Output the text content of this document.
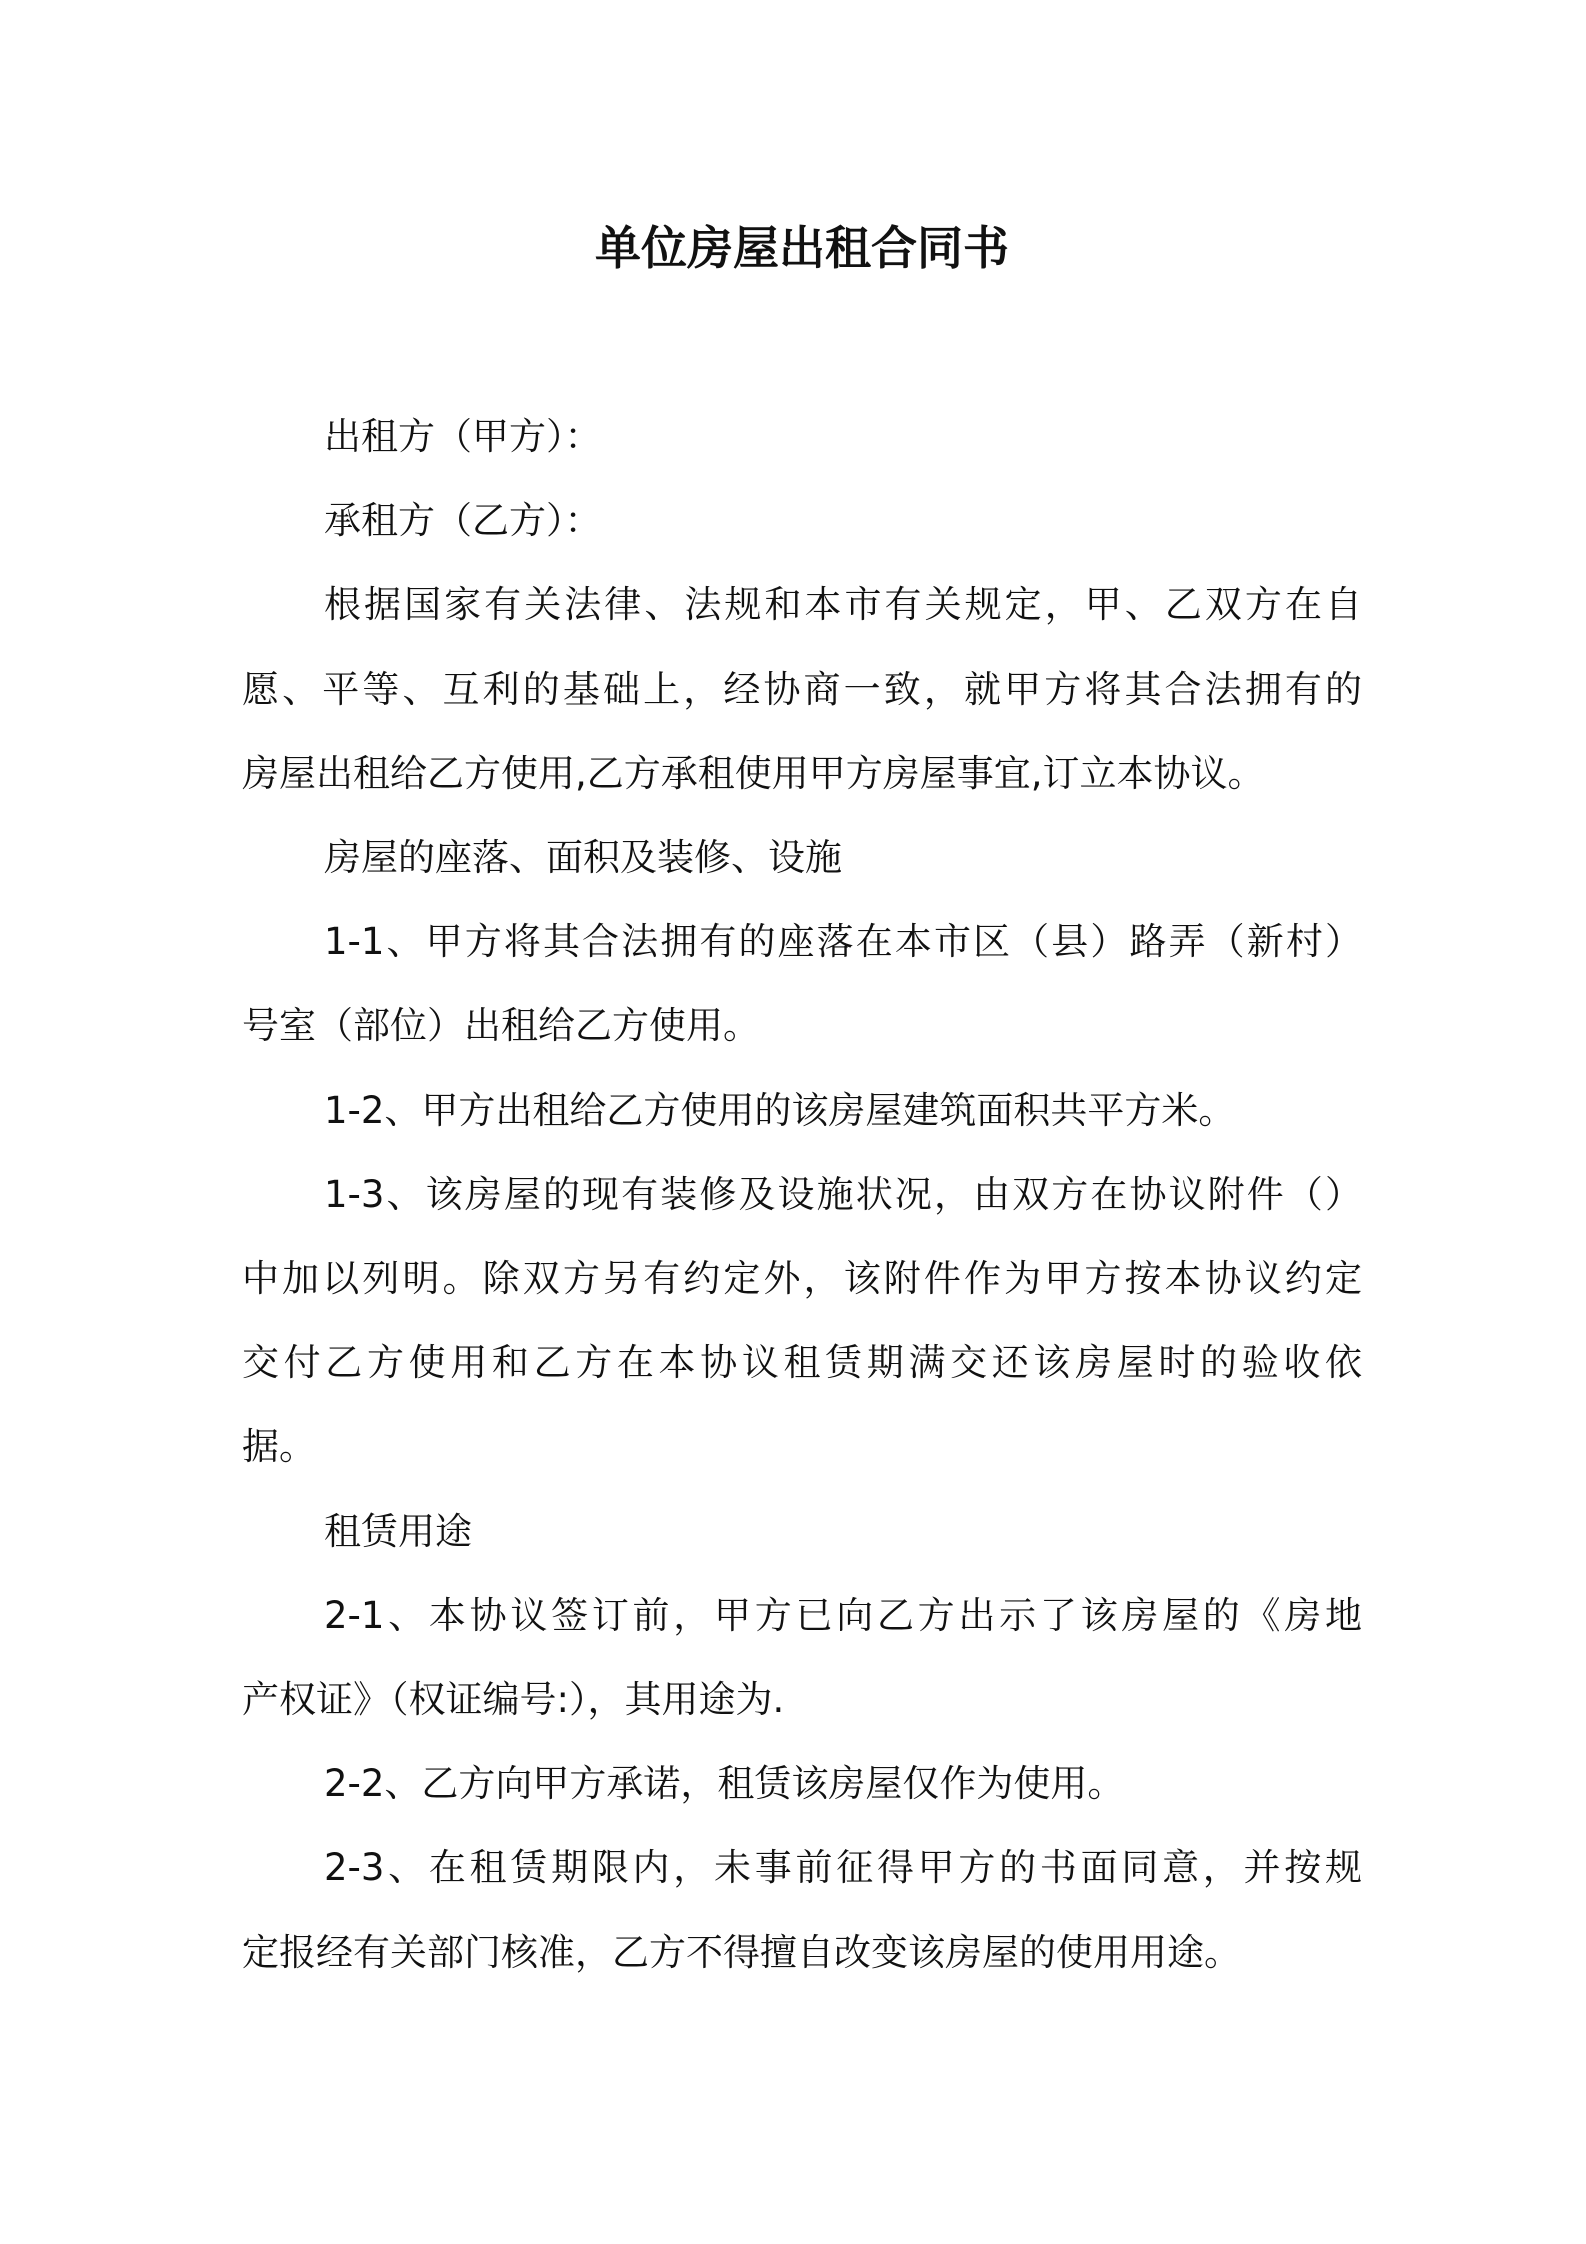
单位房屋出租合同书
出租方（甲方）：
承租方（乙方）：
根据国家有关法律、法规和本市有关规定，甲、乙双方在自
愿、平等、互利的基础上，经协商一致，就甲方将其合法拥有的
房屋出租给乙方使用,乙方承租使用甲方房屋事宜,订立本协议。
房屋的座落、面积及装修、设施
1-1、甲方将其合法拥有的座落在本市区（县）路弄（新村）
号室（部位）出租给乙方使用。
1-2、甲方出租给乙方使用的该房屋建筑面积共平方米。
1-3、该房屋的现有装修及设施状况，由双方在协议附件（）
中加以列明。除双方另有约定外，该附件作为甲方按本协议约定
交付乙方使用和乙方在本协议租赁期满交还该房屋时的验收依
据。
租赁用途
2-1、本协议签订前，甲方已向乙方出示了该房屋的《房地
产权证》（权证编号:），其用途为.
2-2、乙方向甲方承诺，租赁该房屋仅作为使用。
2-3、在租赁期限内，未事前征得甲方的书面同意，并按规
定报经有关部门核准，乙方不得擅自改变该房屋的使用用途。
